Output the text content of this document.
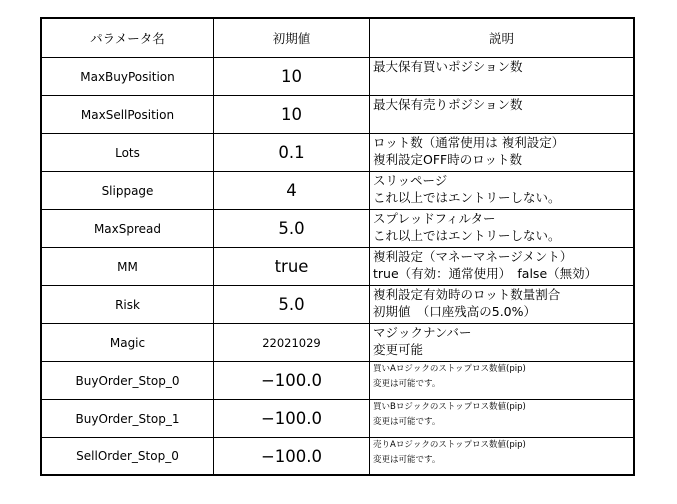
パラメータ名	初期値	説明
MaxBuyPosition	10	最大保有買いポジション数

MaxSellPosition	10	最大保有売りポジション数

Lots	0.1	ロット数（通常使用は 複利設定）
複利設定OFF時のロット数

Slippage	4	スリッページ
これ以上ではエントリーしない。

MaxSpread	5.0	スプレッドフィルター
これ以上ではエントリーしない。

MM	true	複利設定（マネーマネージメント）
true（有効：通常使用）　false（無効）

Risk	5.0	複利設定有効時のロット数量割合
初期値　（口座残高の5.0%）

Magic	22021029	マジックナンバー
変更可能

BuyOrder_Stop_0	−100.0	買いAロジックのストップロス数値(pip)
変更は可能です。

BuyOrder_Stop_1	−100.0	買いBロジックのストップロス数値(pip)
変更は可能です。

SellOrder_Stop_0	−100.0	売りAロジックのストップロス数値(pip)
変更は可能です。
